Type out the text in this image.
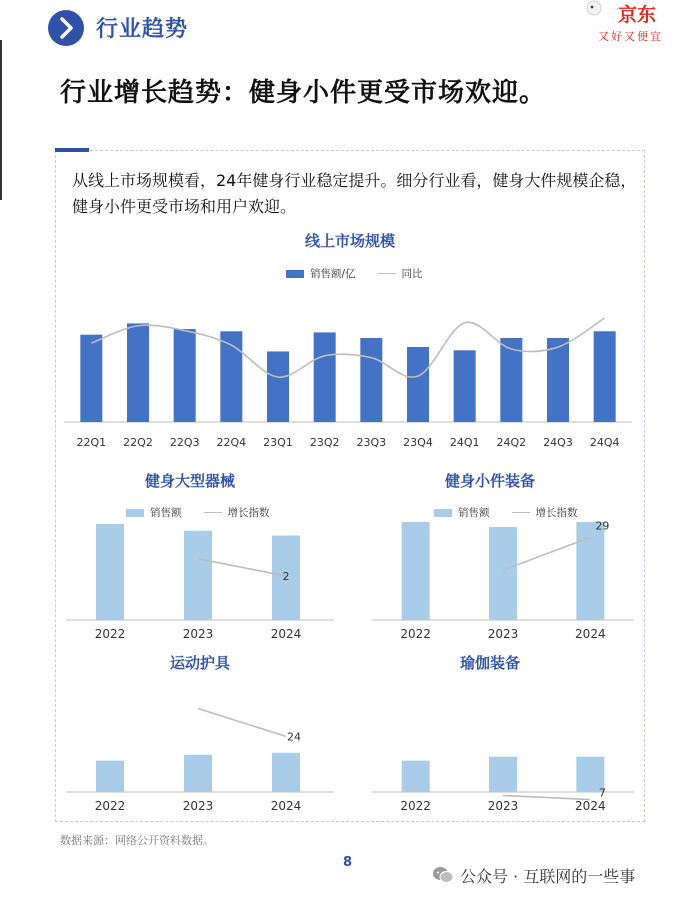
行业趋势
京东
又好又便宜
行业增长趋势：健身小件更受市场欢迎。
从线上市场规模看，24年健身行业稳定提升。细分行业看，健身大件规模企稳，健身小件更受市场和用户欢迎。
线上市场规模
销售额/亿	同比
22Q1 22Q2 22Q3 22Q4 23Q1 23Q2 23Q3 23Q4 24Q1 24Q2 24Q3 24Q4
健身大型器械
销售额	增长指数
2022	2023	2024
2
健身小件装备
销售额	增长指数
2022	2023	2024
29
运动护具
2022	2023	2024
24
瑜伽装备
2022	2023	2024
7
数据来源：网络公开资料数据。
8
公众号 · 互联网的一些事
